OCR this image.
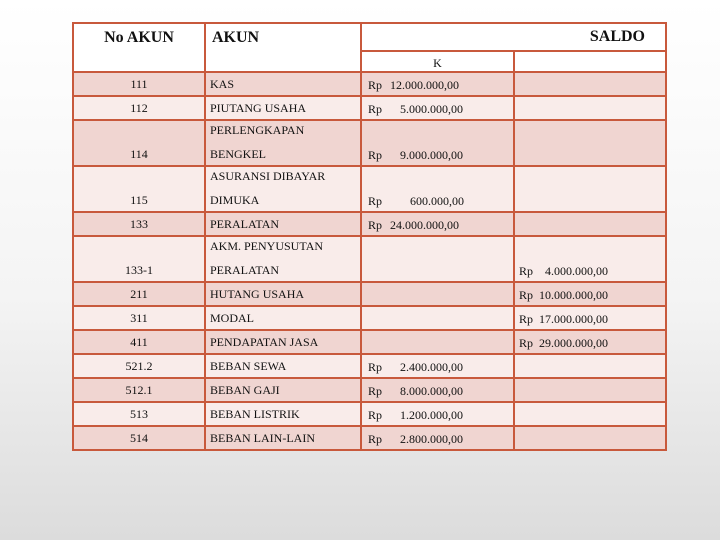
No AKUN	AKUN	SALDO	
		K	
111	KAS	Rp 12.000.000,00	

112	PIUTANG USAHA	Rp 5.000.000,00	

114	PERLENGKAPAN
BENGKEL	Rp 9.000.000,00	

115	ASURANSI DIBAYAR
DIMUKA	Rp 600.000,00	

133	PERALATAN	Rp 24.000.000,00	

133-1	AKM. PENYUSUTAN
PERALATAN		Rp 4.000.000,00

211	HUTANG USAHA		Rp 10.000.000,00

311	MODAL		Rp 17.000.000,00

411	PENDAPATAN JASA		Rp 29.000.000,00

521.2	BEBAN SEWA	Rp 2.400.000,00	

512.1	BEBAN GAJI	Rp 8.000.000,00	

513	BEBAN LISTRIK	Rp 1.200.000,00	

514	BEBAN LAIN-LAIN	Rp 2.800.000,00	
